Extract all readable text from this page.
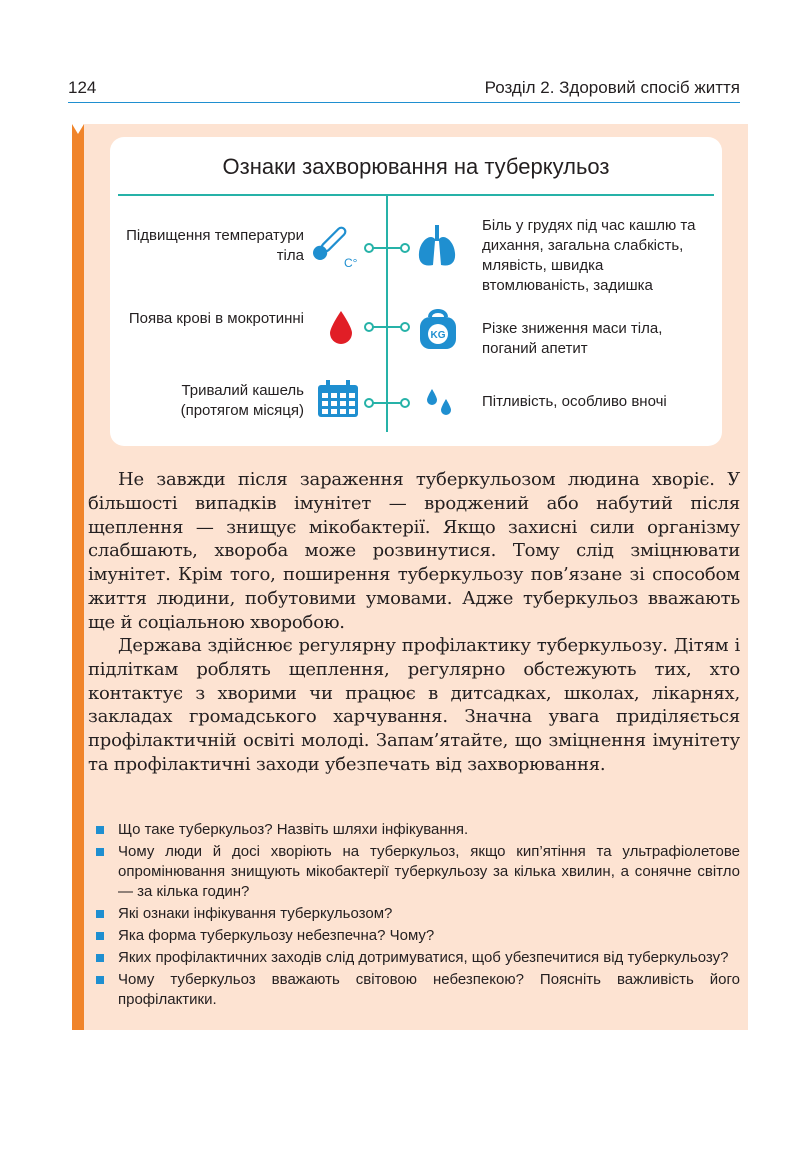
124	Розділ 2. Здоровий спосіб життя
Ознаки захворювання на туберкульоз
Підвищення температури тіла	C°
Біль у грудях під час кашлю та дихання, загальна слабкість, млявість, швидка втомлюваність, задишка
Поява крові в мокротинні
KG Різке зниження маси тіла, поганий апетит
Тривалий кашель (протягом місяця)
Пітливість, особливо вночі

Не завжди після зараження туберкульозом людина хворіє. У більшості випадків імунітет — вроджений або набутий після щеплення — знищує мікобактерії. Якщо захисні сили організму слабшають, хвороба може розвинутися. Тому слід зміцнювати імунітет. Крім того, поширення туберкульозу пов’язане зі способом життя людини, побутовими умовами. Адже туберкульоз вважають ще й соціальною хворобою.

Держава здійснює регулярну профілактику туберкульозу. Дітям і підліткам роблять щеплення, регулярно обстежують тих, хто контактує з хворими чи працює в дитсадках, школах, лікарнях, закладах громадського харчування. Значна увага приділяється профілактичній освіті молоді. Запам’ятайте, що зміцнення імунітету та профілактичні заходи убезпечать від захворювання.

Що таке туберкульоз? Назвіть шляхи інфікування.
Чому люди й досі хворіють на туберкульоз, якщо кип’ятіння та ультрафіолетове опромінювання знищують мікобактерії туберкульозу за кілька хвилин, а сонячне світло — за кілька годин?
Які ознаки інфікування туберкульозом?
Яка форма туберкульозу небезпечна? Чому?
Яких профілактичних заходів слід дотримуватися, щоб убезпечитися від туберкульозу?
Чому туберкульоз вважають світовою небезпекою? Поясніть важливість його профілактики.
